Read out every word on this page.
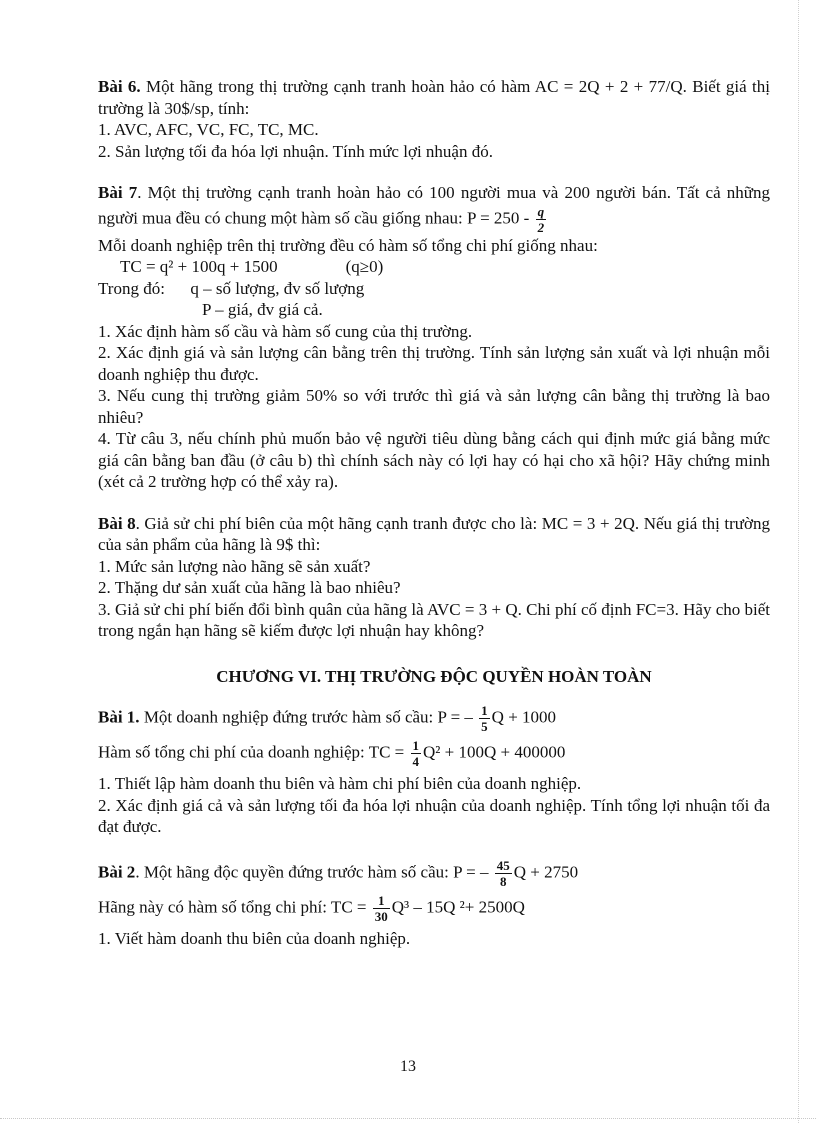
Bài 6. Một hãng trong thị trường cạnh tranh hoàn hảo có hàm AC = 2Q + 2 + 77/Q. Biết giá thị trường là 30$/sp, tính:

1. AVC, AFC, VC, FC, TC, MC.

2. Sản lượng tối đa hóa lợi nhuận. Tính mức lợi nhuận đó.

Bài 7. Một thị trường cạnh tranh hoàn hảo có 100 người mua và 200 người bán. Tất cả những người mua đều có chung một hàm số cầu giống nhau: $P = 250 - \frac{q}{2}$

Mỗi doanh nghiệp trên thị trường đều có hàm số tổng chi phí giống nhau:

TC = q² + 100q + 1500	(q≥0)

Trong đó: q – số lượng, đv số lượng

P – giá, đv giá cả.

1. Xác định hàm số cầu và hàm số cung của thị trường.

2. Xác định giá và sản lượng cân bằng trên thị trường. Tính sản lượng sản xuất và lợi nhuận mỗi doanh nghiệp thu được.

3. Nếu cung thị trường giảm 50% so với trước thì giá và sản lượng cân bằng thị trường là bao nhiêu?

4. Từ câu 3, nếu chính phủ muốn bảo vệ người tiêu dùng bằng cách qui định mức giá bằng mức giá cân bằng ban đầu (ở câu b) thì chính sách này có lợi hay có hại cho xã hội? Hãy chứng minh (xét cả 2 trường hợp có thể xảy ra).

Bài 8. Giả sử chi phí biên của một hãng cạnh tranh được cho là: MC = 3 + 2Q. Nếu giá thị trường của sản phẩm của hãng là 9$ thì:

1. Mức sản lượng nào hãng sẽ sản xuất?

2. Thặng dư sản xuất của hãng là bao nhiêu?

3. Giả sử chi phí biến đổi bình quân của hãng là AVC = 3 + Q. Chi phí cố định FC=3. Hãy cho biết trong ngắn hạn hãng sẽ kiếm được lợi nhuận hay không?

CHƯƠNG VI. THỊ TRƯỜNG ĐỘC QUYỀN HOÀN TOÀN

Bài 1. Một doanh nghiệp đứng trước hàm số cầu: P = – $\frac{1}{5}$ Q + 1000

Hàm số tổng chi phí của doanh nghiệp: TC = $\frac{1}{4} Q^2 + 100Q + 400000$

1. Thiết lập hàm doanh thu biên và hàm chi phí biên của doanh nghiệp.

2. Xác định giá cả và sản lượng tối đa hóa lợi nhuận của doanh nghiệp. Tính tổng lợi nhuận tối đa đạt được.

Bài 2. Một hãng độc quyền đứng trước hàm số cầu: P = – $\frac{45}{8}$ Q + 2750

Hãng này có hàm số tổng chi phí: TC = $\frac{1}{30} Q^3 - 15Q$ ²+ 2500Q

1. Viết hàm doanh thu biên của doanh nghiệp.

13
